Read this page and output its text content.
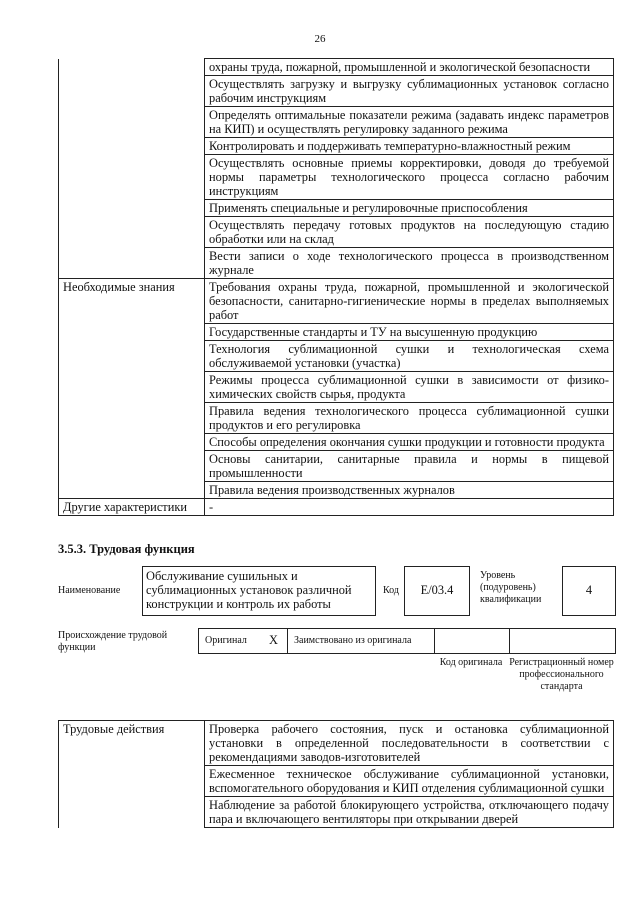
26
	охраны труда, пожарной, промышленной и экологической безопасности
	Осуществлять загрузку и выгрузку сублимационных установок согласно рабочим инструкциям
	Определять оптимальные показатели режима (задавать индекс параметров на КИП) и осуществлять регулировку заданного режима
	Контролировать и поддерживать температурно-влажностный режим
	Осуществлять основные приемы корректировки, доводя до требуемой нормы параметры технологического процесса согласно рабочим инструкциям
	Применять специальные и регулировочные приспособления
	Осуществлять передачу готовых продуктов на последующую стадию обработки или на склад
	Вести записи о ходе технологического процесса в производственном журнале
Необходимые знания	Требования охраны труда, пожарной, промышленной и экологической безопасности, санитарно-гигиенические нормы в пределах выполняемых работ
	Государственные стандарты и ТУ на высушенную продукцию
	Технология сублимационной сушки и технологическая схема обслуживаемой установки (участка)
	Режимы процесса сублимационной сушки в зависимости от физико-химических свойств сырья, продукта
	Правила ведения технологического процесса сублимационной сушки продуктов и его регулировка
	Способы определения окончания сушки продукции и готовности продукта
	Основы санитарии, санитарные правила и нормы в пищевой промышленности
	Правила ведения производственных журналов
Другие характеристики	-
3.5.3. Трудовая функция
Наименование
Обслуживание сушильных и сублимационных установок различной конструкции и контроль их работы
Код	E/03.4
Уровень (подуровень) квалификации
4
Происхождение трудовой функции
Оригинал X Заимствовано из оригинала
Код оригинала Регистрационный номер профессионального стандарта
Трудовые действия	Проверка рабочего состояния, пуск и остановка сублимационной установки в определенной последовательности в соответствии с рекомендациями заводов-изготовителей
	Ежесменное техническое обслуживание сублимационной установки, вспомогательного оборудования и КИП отделения сублимационной сушки
	Наблюдение за работой блокирующего устройства, отключающего подачу пара и включающего вентиляторы при открывании дверей
